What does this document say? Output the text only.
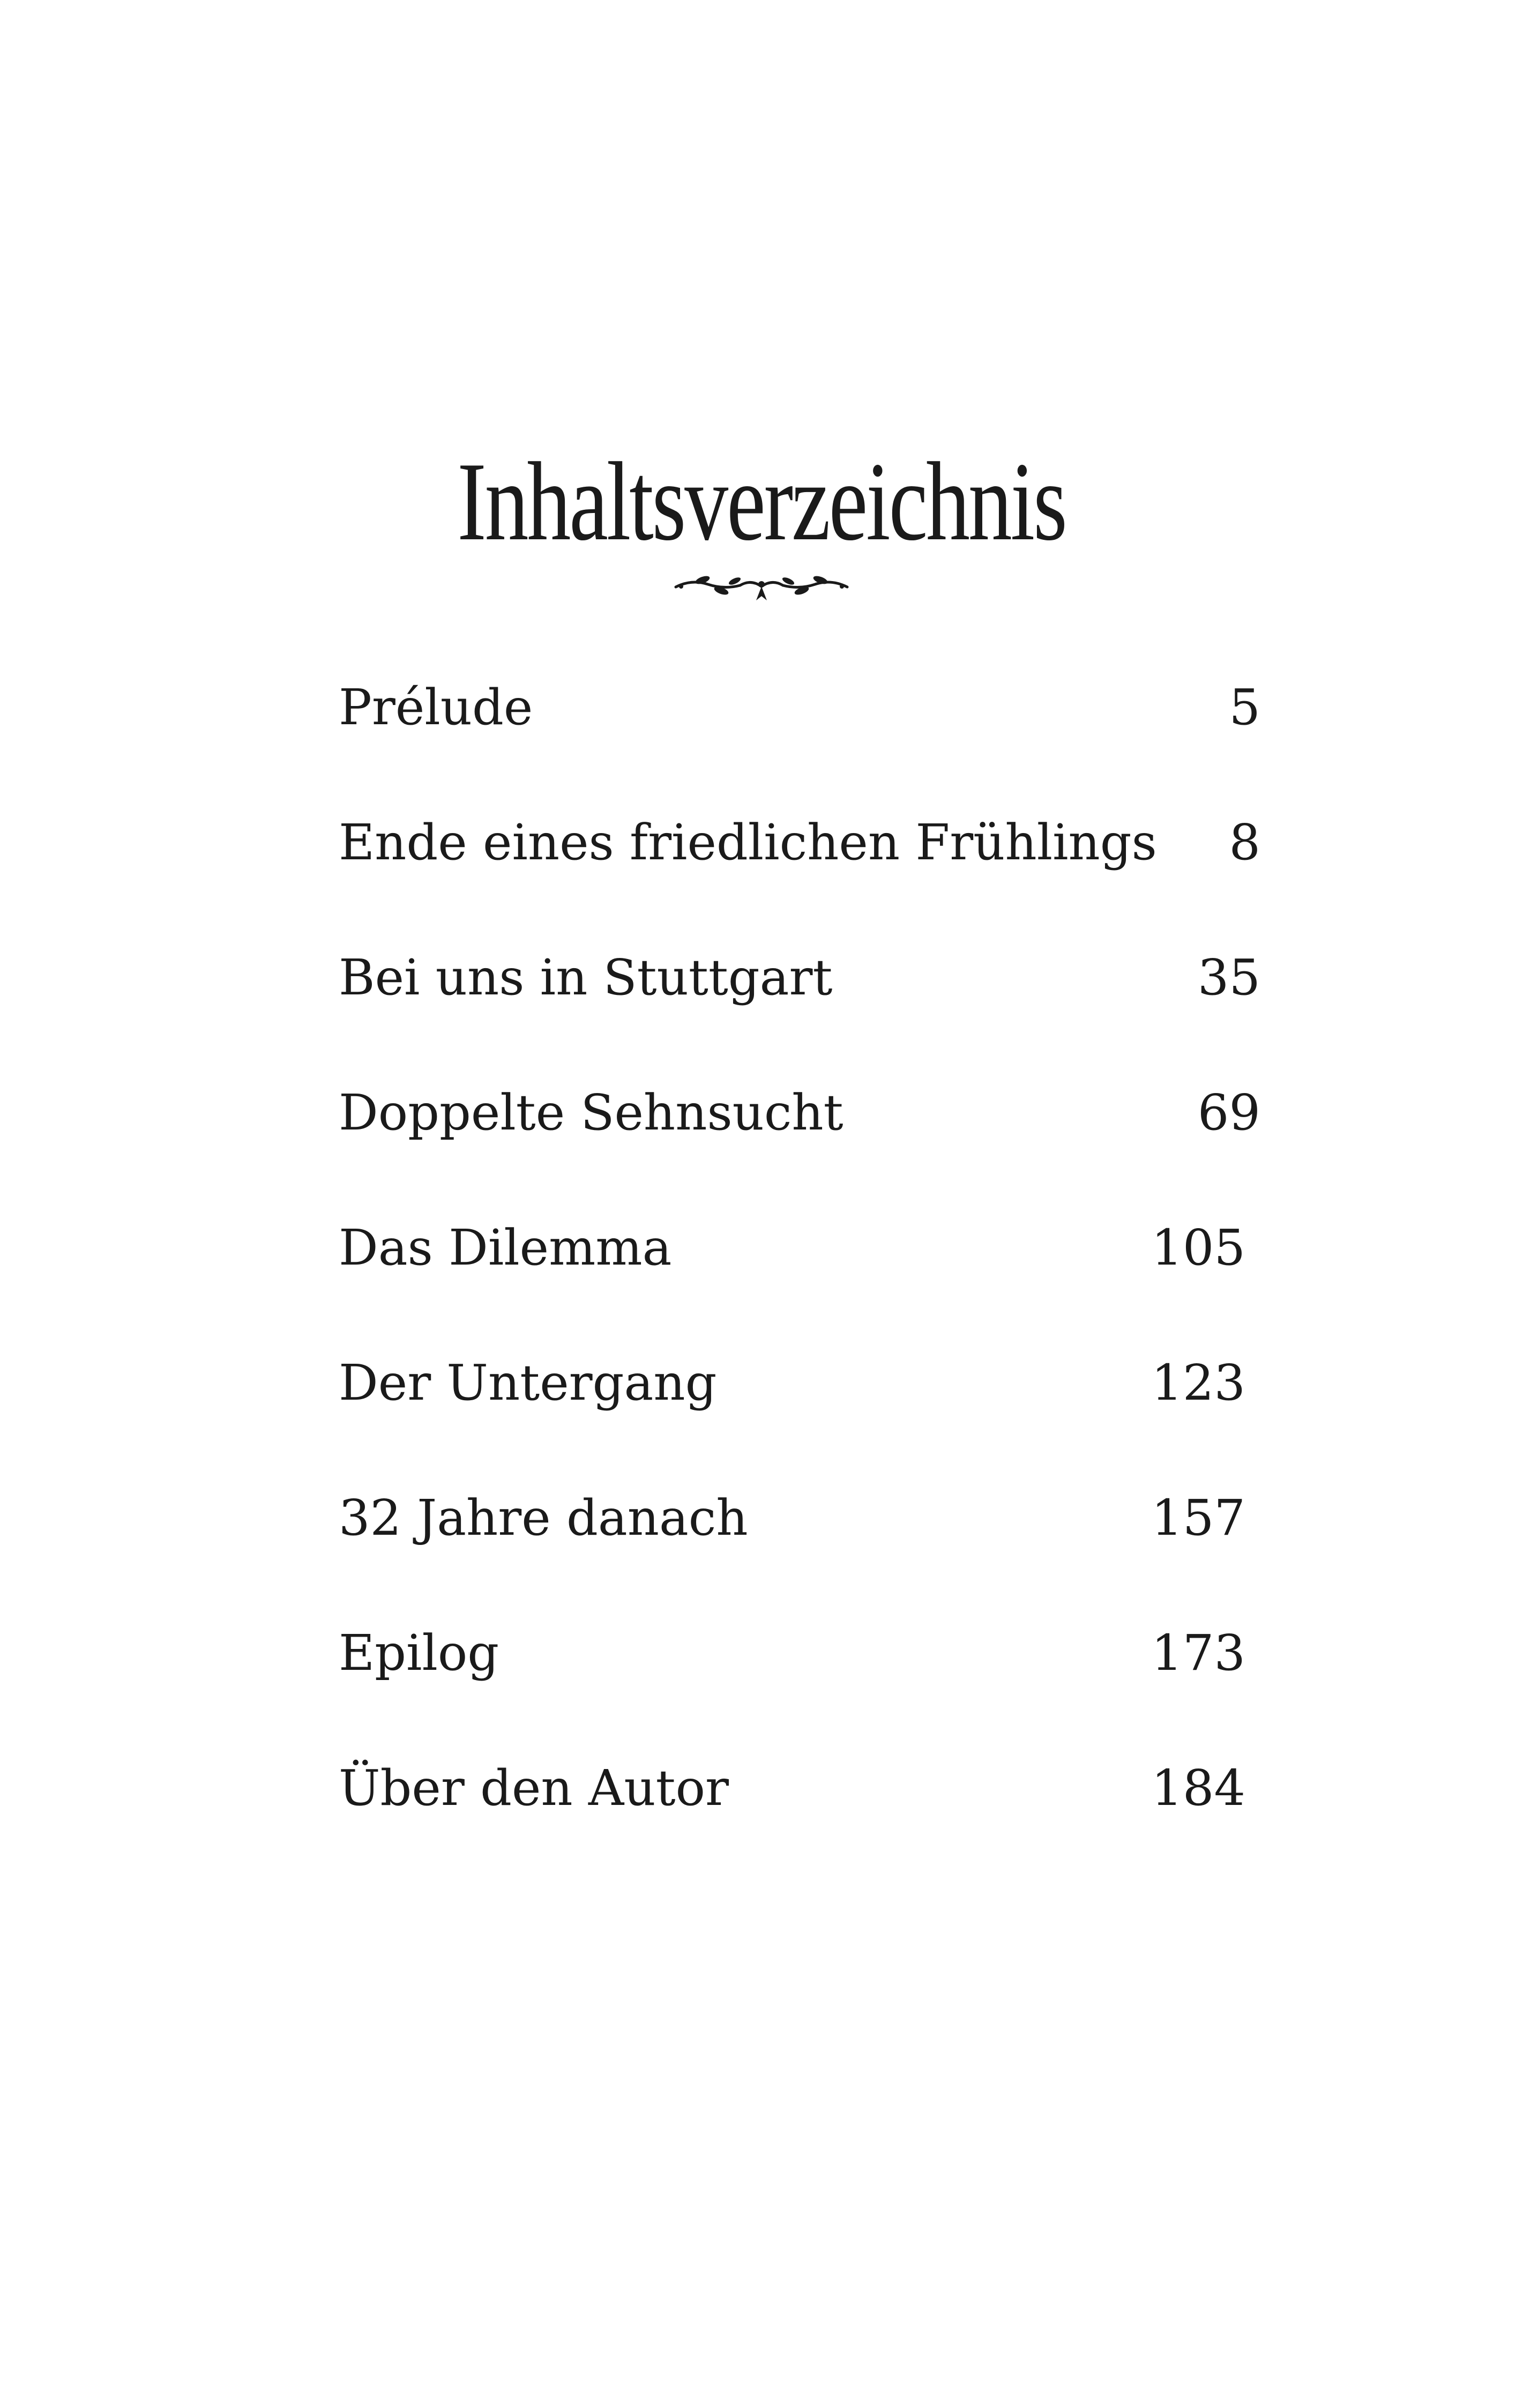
Inhaltsverzeichnis
Prélude	5
Ende eines friedlichen Frühlings 8
Bei uns in Stuttgart	35
Doppelte Sehnsucht	69
Das Dilemma	105
Der Untergang	123
32 Jahre danach	157
Epilog	173
Über den Autor	184
